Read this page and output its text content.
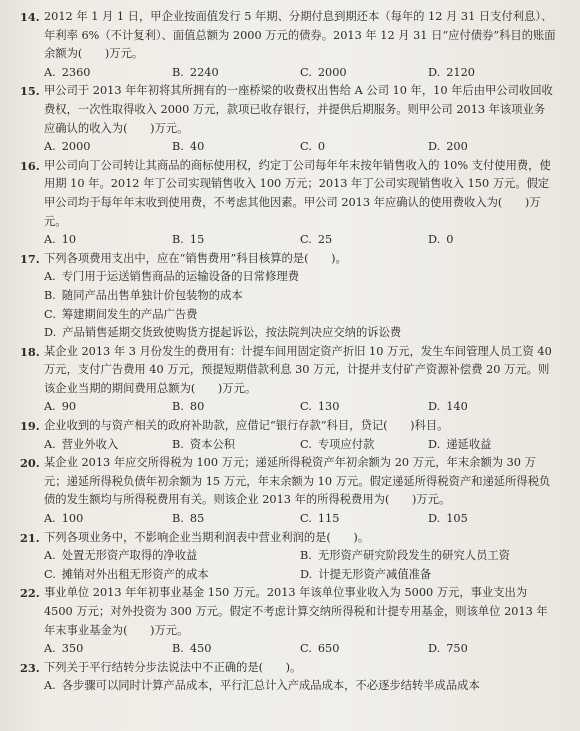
14. 2012 年 1 月 1 日，甲企业按面值发行 5 年期、分期付息到期还本（每年的 12 月 31 日支付利息）、年利率 6%（不计复利）、面值总额为 2000 万元的债券。2013 年 12 月 31 日“应付债券”科目的账面余额为(　　)万元。
A. 2360	B. 2240	C. 2000	D. 2120
15. 甲公司于 2013 年年初将其所拥有的一座桥梁的收费权出售给 A 公司 10 年，10 年后由甲公司收回收费权，一次性取得收入 2000 万元，款项已收存银行，并提供后期服务。则甲公司 2013 年该项业务应确认的收入为(　　)万元。
A. 2000	B. 40	C. 0	D. 200
16. 甲公司向丁公司转让其商品的商标使用权，约定丁公司每年年末按年销售收入的 10% 支付使用费，使用期 10 年。2012 年丁公司实现销售收入 100 万元；2013 年丁公司实现销售收入 150 万元。假定甲公司均于每年年末收到使用费，不考虑其他因素。甲公司 2013 年应确认的使用费收入为(　　)万元。
A. 10	B. 15	C. 25	D. 0
17. 下列各项费用支出中，应在“销售费用”科目核算的是(　　)。
A. 专门用于运送销售商品的运输设备的日常修理费
B. 随同产品出售单独计价包装物的成本
C. 筹建期间发生的产品广告费
D. 产品销售延期交货致使购货方提起诉讼，按法院判决应交纳的诉讼费
18. 某企业 2013 年 3 月份发生的费用有：计提车间用固定资产折旧 10 万元，发生车间管理人员工资 40 万元，支付广告费用 40 万元，预提短期借款利息 30 万元，计提并支付矿产资源补偿费 20 万元。则该企业当期的期间费用总额为(　　)万元。
A. 90	B. 80	C. 130	D. 140
19. 企业收到的与资产相关的政府补助款，应借记“银行存款”科目，贷记(　　)科目。
A. 营业外收入	B. 资本公积	C. 专项应付款	D. 递延收益
20. 某企业 2013 年应交所得税为 100 万元；递延所得税资产年初余额为 20 万元，年末余额为 30 万元；递延所得税负债年初余额为 15 万元，年末余额为 10 万元。假定递延所得税资产和递延所得税负债的发生额均与所得税费用有关。则该企业 2013 年的所得税费用为(　　)万元。
A. 100	B. 85	C. 115	D. 105
21. 下列各项业务中，不影响企业当期利润表中营业利润的是(　　)。
A. 处置无形资产取得的净收益	B. 无形资产研究阶段发生的研究人员工资
C. 摊销对外出租无形资产的成本	D. 计提无形资产减值准备
22. 事业单位 2013 年年初事业基金 150 万元。2013 年该单位事业收入为 5000 万元，事业支出为 4500 万元；对外投资为 300 万元。假定不考虑计算交纳所得税和计提专用基金，则该单位 2013 年年末事业基金为(　　)万元。
A. 350	B. 450	C. 650	D. 750
23. 下列关于平行结转分步法说法中不正确的是(　　)。
A. 各步骤可以同时计算产品成本，平行汇总计入产成品成本，不必逐步结转半成品成本
